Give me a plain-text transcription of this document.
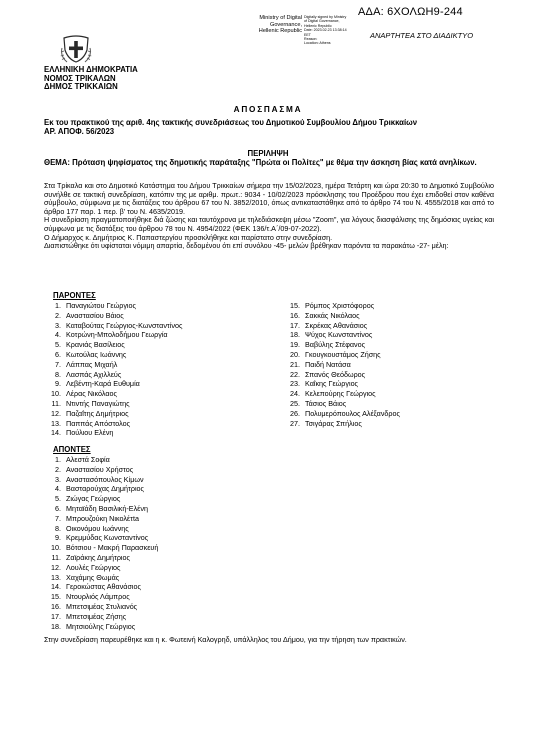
ΑΔΑ: 6ΧΟΛΩΗ9-244
Ministry of Digital
Governance,
Hellenic Republic
Digitally signed by Ministry
of Digital Governance,
Hellenic Republic
Date: 2023.02.23 13:38:14
EET
Reason:
Location: Athens
ΑΝΑΡΤΗΤΕΑ ΣΤΟ ΔΙΑΔΙΚΤΥΟ
ΕΛΛΗΝΙΚΗ ΔΗΜΟΚΡΑΤΙΑ
ΝΟΜΟΣ ΤΡΙΚΑΛΩΝ
ΔΗΜΟΣ ΤΡΙΚΚΑΙΩΝ
ΑΠΟΣΠΑΣΜΑ
Εκ του πρακτικού της αριθ. 4ης τακτικής συνεδριάσεως του Δημοτικού Συμβουλίου Δήμου Τρικκαίων
ΑΡ. ΑΠΟΦ. 56/2023
ΠΕΡΙΛΗΨΗ
ΘΕΜΑ: Πρόταση ψηφίσματος της δημοτικής παράταξης "Πρώτα οι Πολίτες" με θέμα την άσκηση βίας κατά ανηλίκων.

Στα Τρίκαλα και στο Δημοτικό Κατάστημα του Δήμου Τρικκαίων σήμερα την 15/02/2023, ημέρα Τετάρτη και ώρα 20:30 το Δημοτικό Συμβούλιο συνήλθε σε τακτική συνεδρίαση, κατόπιν της με αριθμ. πρωτ.: 9034 - 10/02/2023 πρόσκλησης του Προέδρου που έχει επιδοθεί στον καθένα σύμβουλο, σύμφωνα με τις διατάξεις του άρθρου 67 του Ν. 3852/2010, όπως αντικαταστάθηκε από το άρθρο 74 του Ν. 4555/2018 και από το άρθρο 177 παρ. 1 περ. β' του Ν. 4635/2019.

Η συνεδρίαση πραγματοποιήθηκε διά ζώσης και ταυτόχρονα με τηλεδιάσκεψη μέσω "Zoom", για λόγους διασφάλισης της δημόσιας υγείας και σύμφωνα με τις διατάξεις του άρθρου 78 του Ν. 4954/2022 (ΦΕΚ 136/τ.Α΄/09-07-2022).

Ο Δήμαρχος κ. Δημήτριος Κ. Παπαστεργίου προσκλήθηκε και παρίστατο στην συνεδρίαση.

Διαπιστώθηκε ότι υφίσταται νόμιμη απαρτία, δεδομένου ότι επί συνόλου -45- μελών βρέθηκαν παρόντα τα παρακάτω -27- μέλη:

ΠΑΡΟΝΤΕΣ
1. Παναγιώτου Γεώργιος
2. Αναστασίου Βάιος
3. Καταβούτας Γεώργιος-Κωνσταντίνος
4. Κοτρώνη-Μπολοδήμου Γεωργία
5. Κρανιάς Βασίλειος
6. Κωτούλας Ιωάννης
7. Λάππας Μιχαήλ
8. Λασπάς Αχιλλεύς
9. Λεβέντη-Καρά Ευθυμία
10. Λέρας Νικόλαος
11. Ντιντής Παναγιώτης
12. Παζαΐτης Δημήτριος
13. Παππάς Απόστολος
14. Πούλιου Ελένη
15. Ρόμπος Χριστόφορος
16. Σακκάς Νικόλαος
17. Σκρέκας Αθανάσιος
18. Ψύχος Κωνσταντίνος
19. Βαβύλης Στέφανος
20. Γκουγκουστάμος Ζήσης
21. Παιδή Νατάσα
22. Σπανός Θεόδωρος
23. Καΐκης Γεώργιος
24. Κελεπούρης Γεώργιος
25. Τάσιος Βάιος
26. Πολυμερόπουλος Αλέξανδρος
27. Τσιγάρας Σπήλιος
ΑΠΟΝΤΕΣ
1. Αλεστά Σοφία
2. Αναστασίου Χρήστος
3. Αναστασόπουλος Κίμων
4. Βασταρούχας Δημήτριος
5. Ζιώγας Γεώργιος
6. Μηταϊάδη Βασιλική-Ελένη
7. Μπρουζούκη Νικολέτta
8. Οικονόμου Ιωάννης
9. Κρεμμύδας Κωνσταντίνος
10. Βότσιου - Μακρή Παρασκευή
11. Ζαϊράκης Δημήτριος
12. Λουλές Γεώργιος
13. Χαχάμης Θωμάς
14. Γεροκώστας Αθανάσιος
15. Ντουρλιός Λάμπρος
16. Μπετσιμέας Στυλιανός
17. Μπετσιμέας Ζήσης
18. Μητσιούλης Γεώργιος
Στην συνεδρίαση παρευρέθηκε και η κ. Φωτεινή Καλογρηδ, υπάλληλος του Δήμου, για την τήρηση των πρακτικών.
